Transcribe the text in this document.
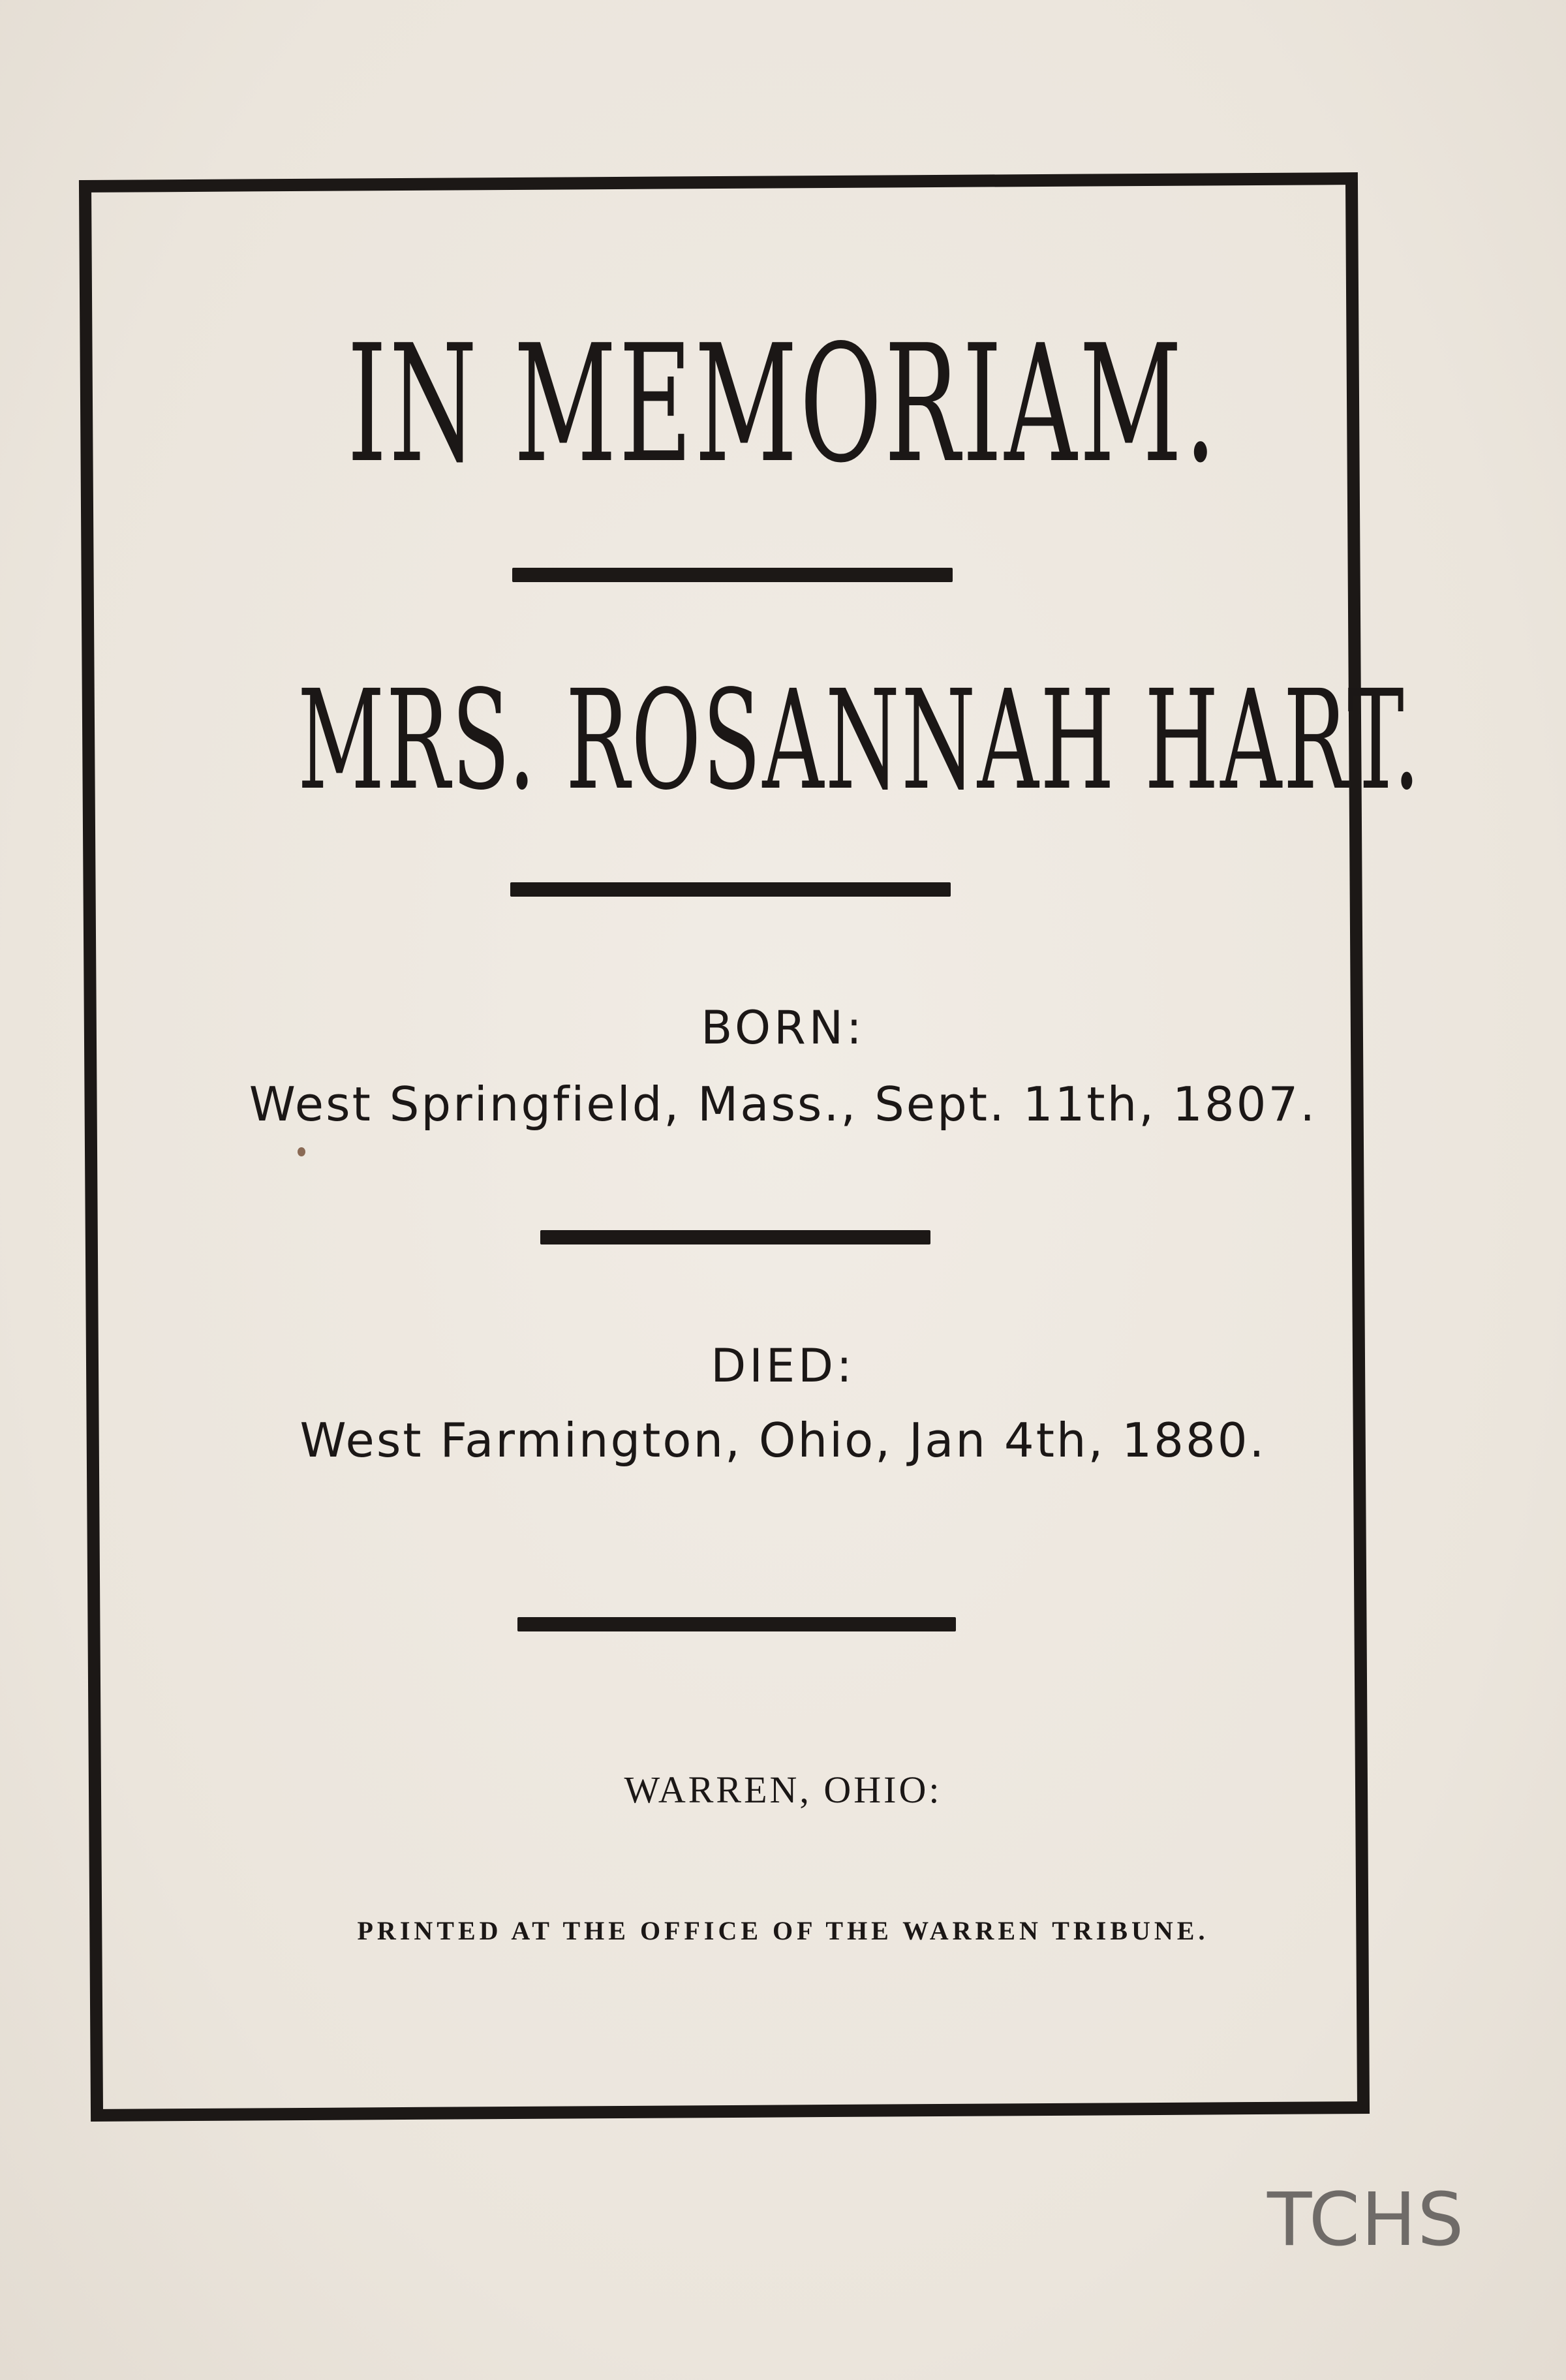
IN MEMORIAM.
MRS. ROSANNAH HART.
BORN:
West Springfield, Mass., Sept. 11th, 1807.
DIED:
West Farmington, Ohio, Jan 4th, 1880.
WARREN, OHIO:
PRINTED AT THE OFFICE OF THE WARREN TRIBUNE.
TCHS
